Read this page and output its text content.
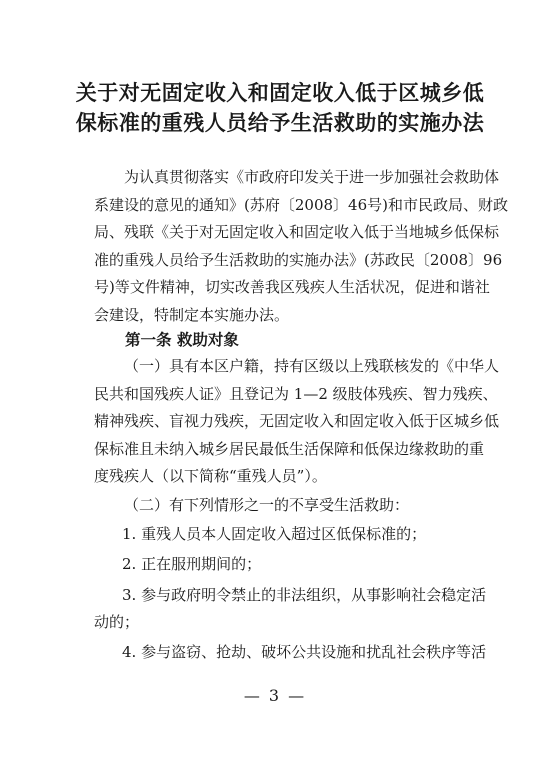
关于对无固定收入和固定收入低于区城乡低
保标准的重残人员给予生活救助的实施办法
为认真贯彻落实《市政府印发关于进一步加强社会救助体
系建设的意见的通知》(苏府〔2008〕46号)和市民政局、财政
局、残联《关于对无固定收入和固定收入低于当地城乡低保标
准的重残人员给予生活救助的实施办法》(苏政民〔2008〕96
号)等文件精神，切实改善我区残疾人生活状况，促进和谐社
会建设，特制定本实施办法。
第一条 救助对象
（一）具有本区户籍，持有区级以上残联核发的《中华人
民共和国残疾人证》且登记为 1—2 级肢体残疾、智力残疾、
精神残疾、盲视力残疾，无固定收入和固定收入低于区城乡低
保标准且未纳入城乡居民最低生活保障和低保边缘救助的重
度残疾人（以下简称“重残人员”）。
（二）有下列情形之一的不享受生活救助：
1. 重残人员本人固定收入超过区低保标准的；
2. 正在服刑期间的；
3. 参与政府明令禁止的非法组织，从事影响社会稳定活
动的；
4. 参与盗窃、抢劫、破坏公共设施和扰乱社会秩序等活
— 3 —
